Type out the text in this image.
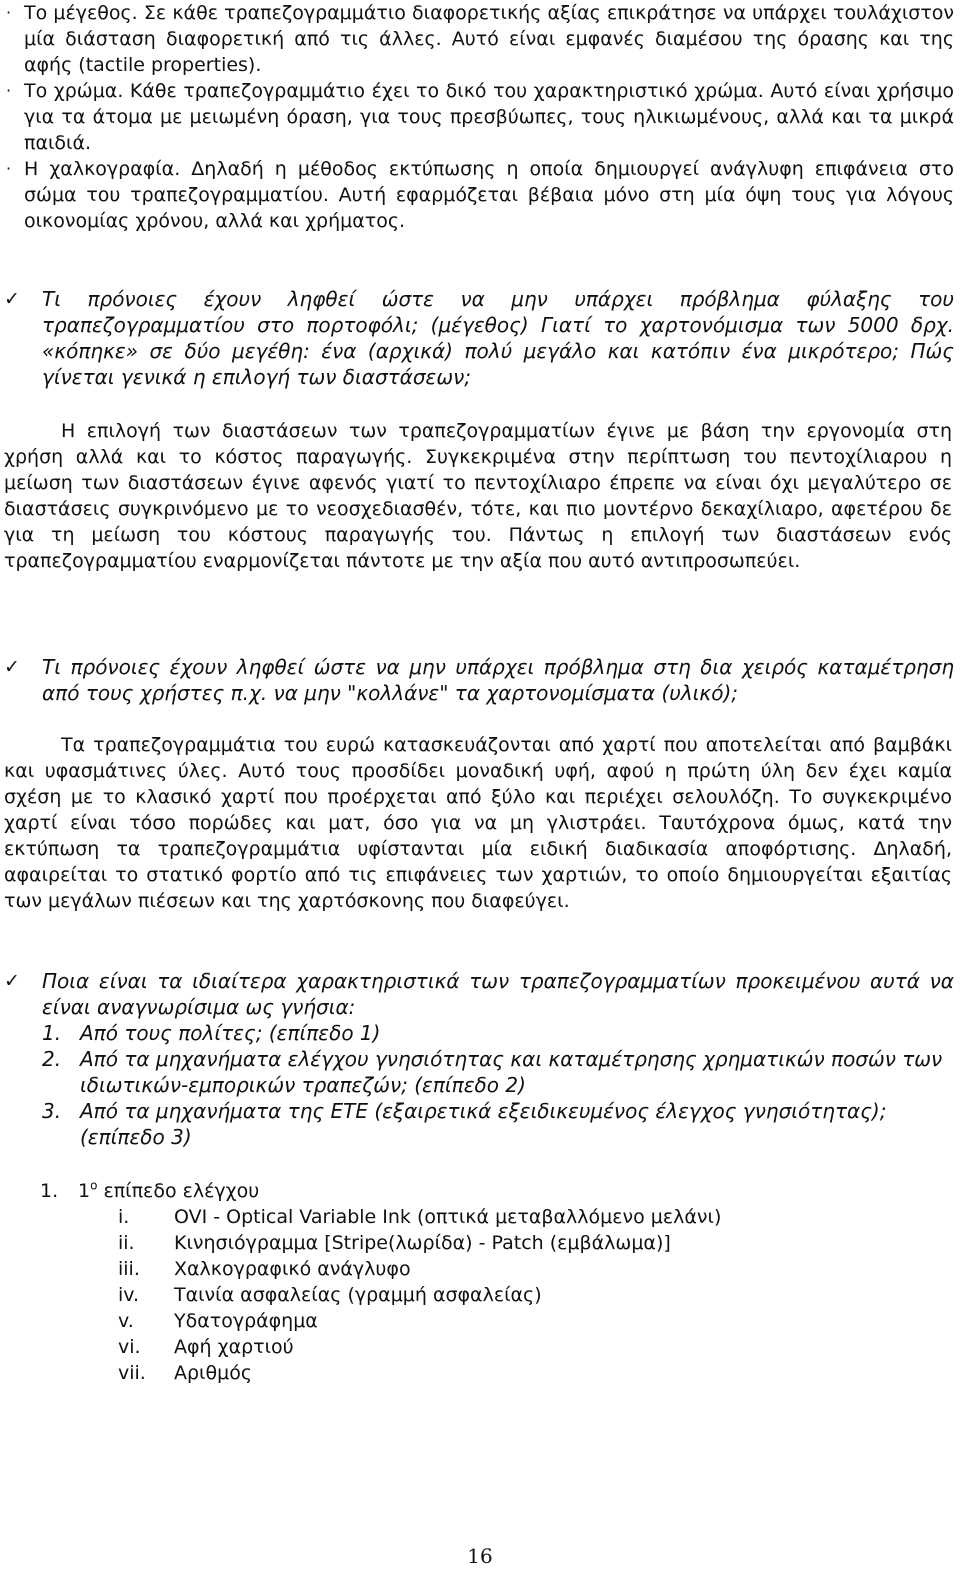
· Το μέγεθος. Σε κάθε τραπεζογραμμάτιο διαφορετικής αξίας επικράτησε να υπάρχει τουλάχιστον μία διάσταση διαφορετική από τις άλλες. Αυτό είναι εμφανές διαμέσου της όρασης και της αφής (tactile properties).
· Το χρώμα. Κάθε τραπεζογραμμάτιο έχει το δικό του χαρακτηριστικό χρώμα. Αυτό είναι χρήσιμο για τα άτομα με μειωμένη όραση, για τους πρεσβύωπες, τους ηλικιωμένους, αλλά και τα μικρά παιδιά.
· Η χαλκογραφία. Δηλαδή η μέθοδος εκτύπωσης η οποία δημιουργεί ανάγλυφη επιφάνεια στο σώμα του τραπεζογραμματίου. Αυτή εφαρμόζεται βέβαια μόνο στη μία όψη τους για λόγους οικονομίας χρόνου, αλλά και χρήματος.
✓ Τι πρόνοιες έχουν ληφθεί ώστε να μην υπάρχει πρόβλημα φύλαξης του τραπεζογραμματίου στο πορτοφόλι; (μέγεθος) Γιατί το χαρτονόμισμα των 5000 δρχ. «κόπηκε» σε δύο μεγέθη: ένα (αρχικά) πολύ μεγάλο και κατόπιν ένα μικρότερο; Πώς γίνεται γενικά η επιλογή των διαστάσεων;
Η επιλογή των διαστάσεων των τραπεζογραμματίων έγινε με βάση την εργονομία στη χρήση αλλά και το κόστος παραγωγής. Συγκεκριμένα στην περίπτωση του πεντοχίλιαρου η μείωση των διαστάσεων έγινε αφενός γιατί το πεντοχίλιαρο έπρεπε να είναι όχι μεγαλύτερο σε διαστάσεις συγκρινόμενο με το νεοσχεδιασθέν, τότε, και πιο μοντέρνο δεκαχίλιαρο, αφετέρου δε για τη μείωση του κόστους παραγωγής του. Πάντως η επιλογή των διαστάσεων ενός τραπεζογραμματίου εναρμονίζεται πάντοτε με την αξία που αυτό αντιπροσωπεύει.
✓ Τι πρόνοιες έχουν ληφθεί ώστε να μην υπάρχει πρόβλημα στη δια χειρός καταμέτρηση από τους χρήστες π.χ. να μην "κολλάνε" τα χαρτονομίσματα (υλικό);
Τα τραπεζογραμμάτια του ευρώ κατασκευάζονται από χαρτί που αποτελείται από βαμβάκι και υφασμάτινες ύλες. Αυτό τους προσδίδει μοναδική υφή, αφού η πρώτη ύλη δεν έχει καμία σχέση με το κλασικό χαρτί που προέρχεται από ξύλο και περιέχει σελουλόζη. Το συγκεκριμένο χαρτί είναι τόσο πορώδες και ματ, όσο για να μη γλιστράει. Ταυτόχρονα όμως, κατά την εκτύπωση τα τραπεζογραμμάτια υφίστανται μία ειδική διαδικασία αποφόρτισης. Δηλαδή, αφαιρείται το στατικό φορτίο από τις επιφάνειες των χαρτιών, το οποίο δημιουργείται εξαιτίας των μεγάλων πιέσεων και της χαρτόσκονης που διαφεύγει.
✓ Ποια είναι τα ιδιαίτερα χαρακτηριστικά των τραπεζογραμματίων προκειμένου αυτά να είναι αναγνωρίσιμα ως γνήσια:
1. Από τους πολίτες; (επίπεδο 1)
2. Από τα μηχανήματα ελέγχου γνησιότητας και καταμέτρησης χρηματικών ποσών των ιδιωτικών-εμπορικών τραπεζών; (επίπεδο 2)
3. Από τα μηχανήματα της ΕΤΕ (εξαιρετικά εξειδικευμένος έλεγχος γνησιότητας); (επίπεδο 3)
1. $1^o$ επίπεδο ελέγχου
i. OVI - Optical Variable Ink (οπτικά μεταβαλλόμενο μελάνι)
ii. Κινησιόγραμμα [Stripe(λωρίδα) - Patch (εμβάλωμα)]
iii. Χαλκογραφικό ανάγλυφο
iv. Ταινία ασφαλείας (γραμμή ασφαλείας)
v. Υδατογράφημα
vi. Αφή χαρτιού
vii. Αριθμός
16
